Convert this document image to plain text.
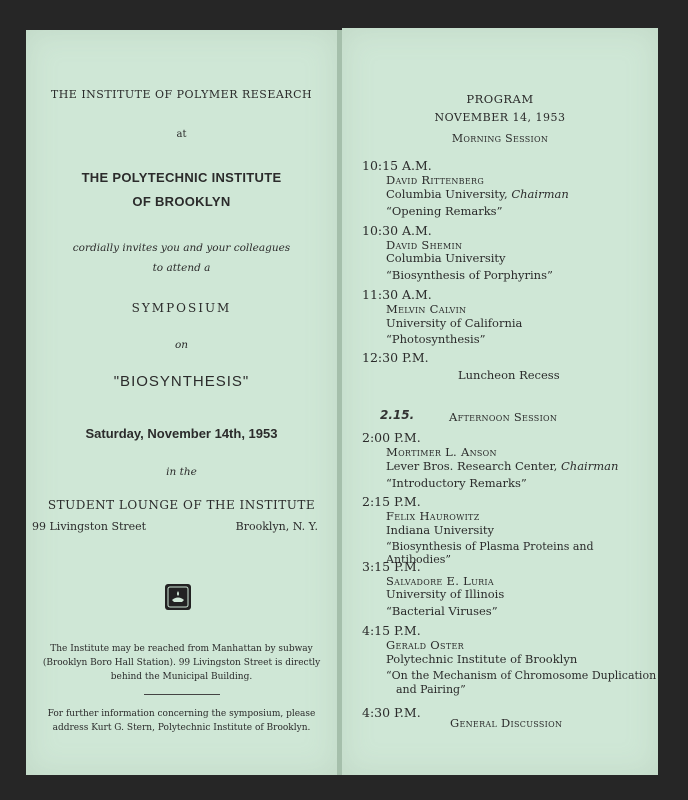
THE INSTITUTE OF POLYMER RESEARCH
at
THE POLYTECHNIC INSTITUTE
OF BROOKLYN
cordially invites you and your colleagues
to attend a
SYMPOSIUM
on
"BIOSYNTHESIS"
Saturday, November 14th, 1953
in the
STUDENT LOUNGE OF THE INSTITUTE
99 Livingston Street	Brooklyn, N. Y.
The Institute may be reached from Manhattan by subway
(Brooklyn Boro Hall Station). 99 Livingston Street is directly
behind the Municipal Building.
For further information concerning the symposium, please
address Kurt G. Stern, Polytechnic Institute of Brooklyn.
PROGRAM
NOVEMBER 14, 1953
Morning Session
10:15 A.M.
David Rittenberg
Columbia University, Chairman
“Opening Remarks”
10:30 A.M.
David Shemin
Columbia University
“Biosynthesis of Porphyrins”
11:30 A.M.
Melvin Calvin
University of California
“Photosynthesis”
12:30 P.M.
Luncheon Recess
2.15.	Afternoon Session
2:00 P.M.
Mortimer L. Anson
Lever Bros. Research Center, Chairman
“Introductory Remarks”
2:15 P.M.
Felix Haurowitz
Indiana University
“Biosynthesis of Plasma Proteins and Antibodies”
3:15 P.M.
Salvadore E. Luria
University of Illinois
“Bacterial Viruses”
4:15 P.M.
Gerald Oster
Polytechnic Institute of Brooklyn
“On the Mechanism of Chromosome Duplication
and Pairing”
4:30 P.M.
General Discussion
